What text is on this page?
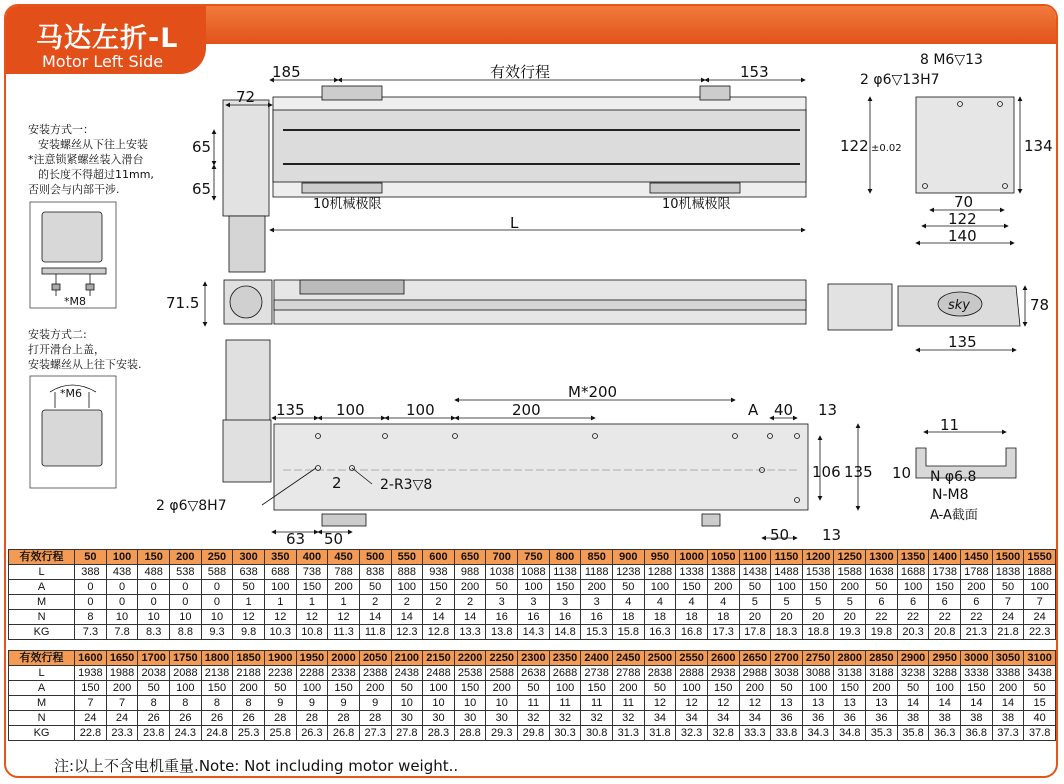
马达左折-L
Motor Left Side
安装方式一：
安装螺丝从下往上安装
*注意锁紧螺丝装入滑台
的长度不得超过11mm,
否则会与内部干涉.
安装方式二:
打开滑台上盖，
安装螺丝从上往下安装.
185	有效行程	153
72
65
65
10机械极限	10机械极限
L
8 M6▽13
2 φ6▽13H7
122 ±0.02	134
70
122
140
71.5	78
135
sky
M*200
135 100	100	200	A 40 13
106 135
2	2-R3▽8
2 φ6▽8H7
63 50	50 13
11
10 N φ6.8
N-M8
A-A截面
*M8
*M6
有效行程	50	100	150	200	250	300	350	400	450	500	550	600	650	700	750	800	850	900	950	1000	1050	1100	1150	1200	1250	1300	1350	1400	1450	1500	1550
L	388	438	488	538	588	638	688	738	788	838	888	938	988	1038	1088	1138	1188	1238	1288	1338	1388	1438	1488	1538	1588	1638	1688	1738	1788	1838	1888
A	0	0	0	0	0	50	100	150	200	50	100	150	200	50	100	150	200	50	100	150	200	50	100	150	200	50	100	150	200	50	100
M	0	0	0	0	0	1	1	1	1	2	2	2	2	3	3	3	3	4	4	4	4	5	5	5	5	6	6	6	6	7	7
N	8	10	10	10	10	12	12	12	12	14	14	14	14	16	16	16	16	18	18	18	18	20	20	20	20	22	22	22	22	24	24
KG	7.3	7.8	8.3	8.8	9.3	9.8	10.3	10.8	11.3	11.8	12.3	12.8	13.3	13.8	14.3	14.8	15.3	15.8	16.3	16.8	17.3	17.8	18.3	18.8	19.3	19.8	20.3	20.8	21.3	21.8	22.3
有效行程	1600	1650	1700	1750	1800	1850	1900	1950	2000	2050	2100	2150	2200	2250	2300	2350	2400	2450	2500	2550	2600	2650	2700	2750	2800	2850	2900	2950	3000	3050	3100
L	1938	1988	2038	2088	2138	2188	2238	2288	2338	2388	2438	2488	2538	2588	2638	2688	2738	2788	2838	2888	2938	2988	3038	3088	3138	3188	3238	3288	3338	3388	3438
A	150	200	50	100	150	200	50	100	150	200	50	100	150	200	50	100	150	200	50	100	150	200	50	100	150	200	50	100	150	200	50
M	7	7	8	8	8	8	9	9	9	9	10	10	10	10	11	11	11	11	12	12	12	12	13	13	13	13	14	14	14	14	15
N	24	24	26	26	26	26	28	28	28	28	30	30	30	30	32	32	32	32	34	34	34	34	36	36	36	36	38	38	38	38	40
KG	22.8	23.3	23.8	24.3	24.8	25.3	25.8	26.3	26.8	27.3	27.8	28.3	28.8	29.3	29.8	30.3	30.8	31.3	31.8	32.3	32.8	33.3	33.8	34.3	34.8	35.3	35.8	36.3	36.8	37.3	37.8
注:以上不含电机重量.Note: Not including motor weight..
